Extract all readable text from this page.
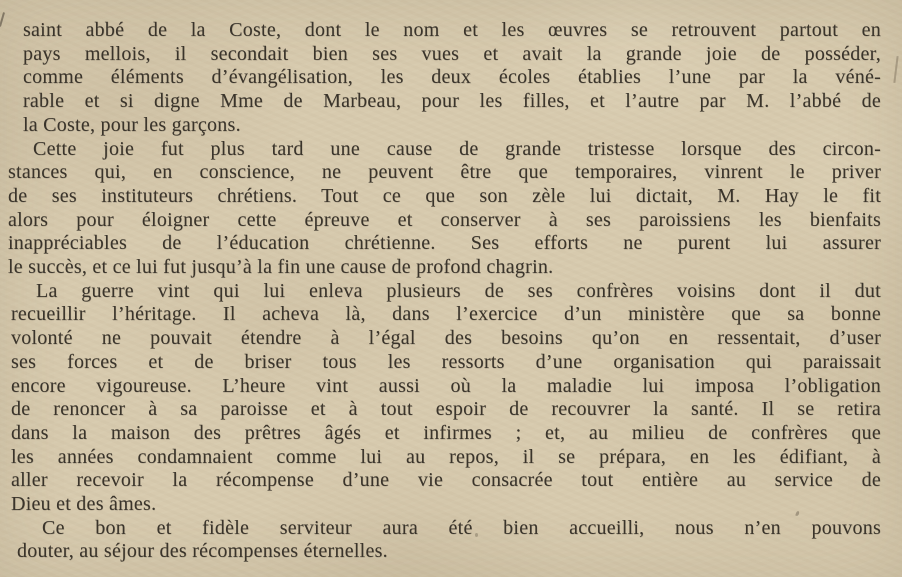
saint abbé de la Coste, dont le nom et les œuvres se retrouvent partout en
pays mellois, il secondait bien ses vues et avait la grande joie de posséder,
comme éléments d’évangélisation, les deux écoles établies l’une par la véné-
rable et si digne Mme de Marbeau, pour les filles, et l’autre par M. l’abbé de
la Coste, pour les garçons.
Cette joie fut plus tard une cause de grande tristesse lorsque des circon-
stances qui, en conscience, ne peuvent être que temporaires, vinrent le priver
de ses instituteurs chrétiens. Tout ce que son zèle lui dictait, M. Hay le fit
alors pour éloigner cette épreuve et conserver à ses paroissiens les bienfaits
inappréciables de l’éducation chrétienne. Ses efforts ne purent lui assurer
le succès, et ce lui fut jusqu’à la fin une cause de profond chagrin.
La guerre vint qui lui enleva plusieurs de ses confrères voisins dont il dut
recueillir l’héritage. Il acheva là, dans l’exercice d’un ministère que sa bonne
volonté ne pouvait étendre à l’égal des besoins qu’on en ressentait, d’user
ses forces et de briser tous les ressorts d’une organisation qui paraissait
encore vigoureuse. L’heure vint aussi où la maladie lui imposa l’obligation
de renoncer à sa paroisse et à tout espoir de recouvrer la santé. Il se retira
dans la maison des prêtres âgés et infirmes ; et, au milieu de confrères que
les années condamnaient comme lui au repos, il se prépara, en les édifiant, à
aller recevoir la récompense d’une vie consacrée tout entière au service de
Dieu et des âmes.
Ce bon et fidèle serviteur aura été bien accueilli, nous n’en pouvons
douter, au séjour des récompenses éternelles.
